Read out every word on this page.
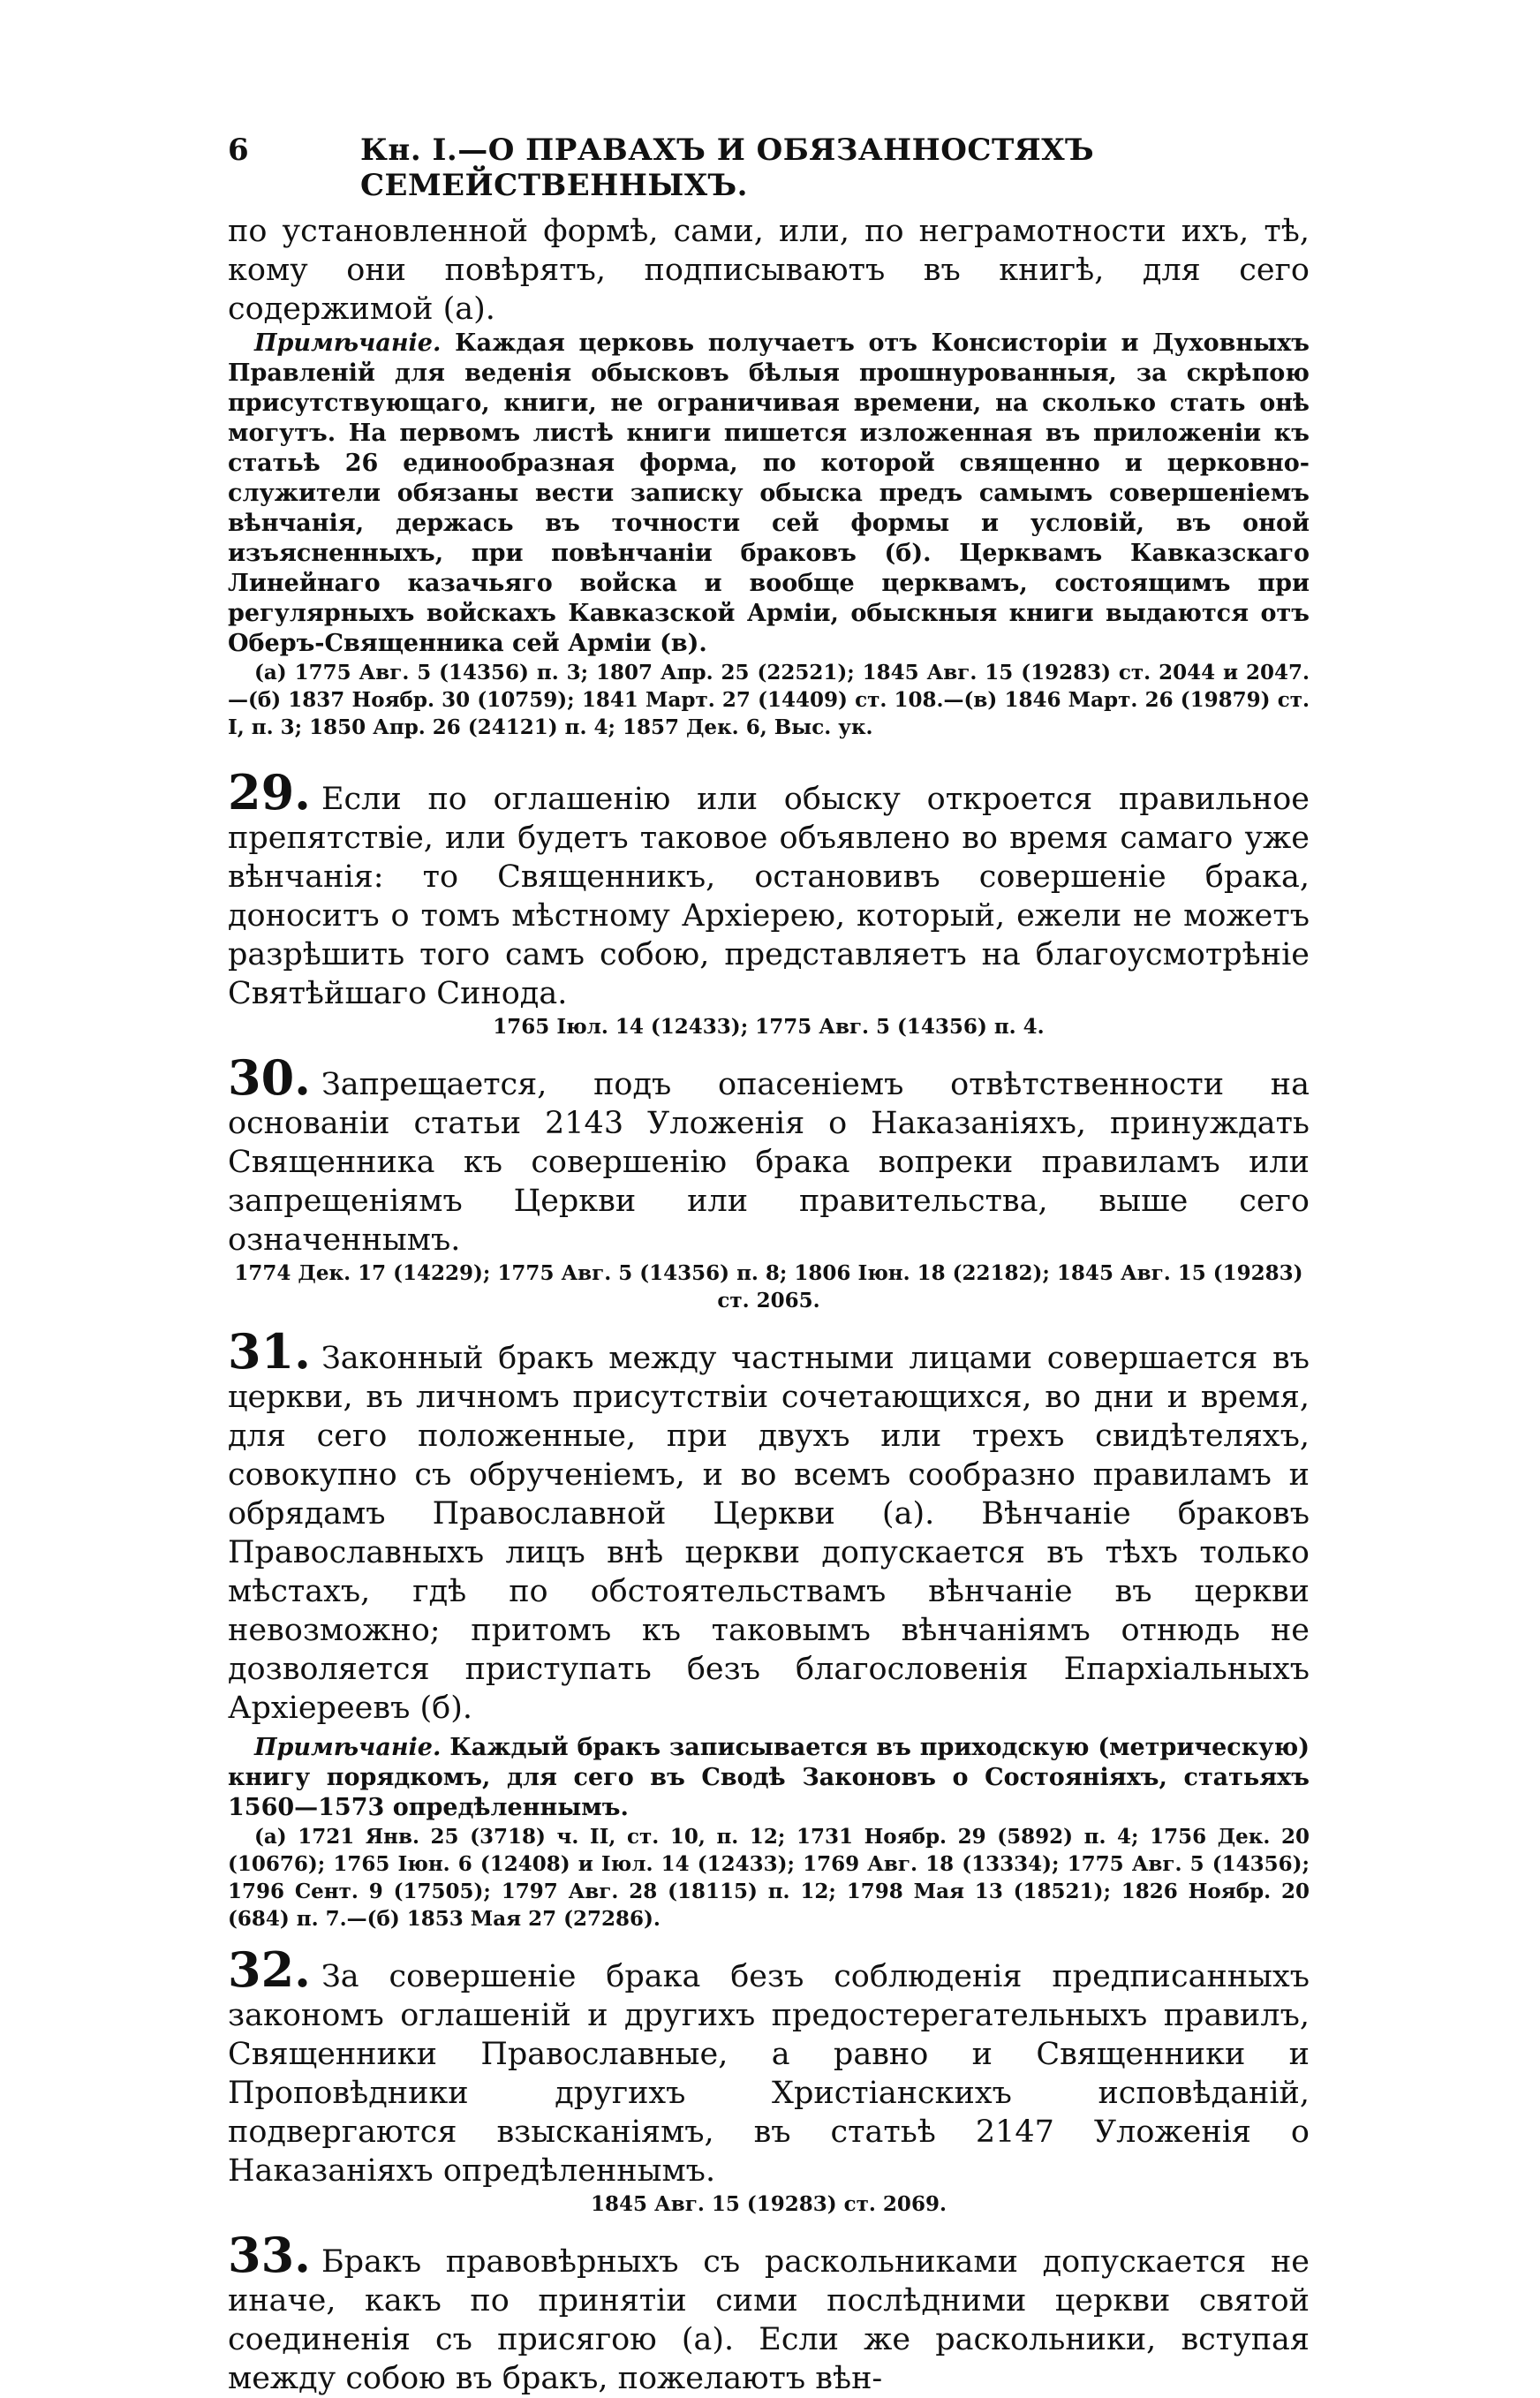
6	Кн. I.—О ПРАВАХЪ И ОБЯЗАННОСТЯХЪ СЕМЕЙСТВЕННЫХЪ.

по установленной формѣ, сами, или, по неграмотности ихъ, тѣ, кому они повѣрятъ, подписываютъ въ книгѣ, для сего содержимой (а).

Примѣчаніе. Каждая церковь получаетъ отъ Консисторіи и Духовныхъ Правленій для веденія обысковъ бѣлыя прошнурованныя, за скрѣпою присутствующаго, книги, не ограничивая времени, на сколько стать онѣ могутъ. На первомъ листѣ книги пишется изложенная въ приложеніи къ статьѣ 26 единообразная форма, по которой священно и церковно-служители обязаны вести записку обыска предъ самымъ совершеніемъ вѣнчанія, держась въ точности сей формы и условій, въ оной изъясненныхъ, при повѣнчаніи браковъ (б). Церквамъ Кавказскаго Линейнаго казачьяго войска и вообще церквамъ, состоящимъ при регулярныхъ войскахъ Кавказской Арміи, обыскныя книги выдаются отъ Оберъ-Священника сей Арміи (в).

(а) 1775 Авг. 5 (14356) п. 3; 1807 Апр. 25 (22521); 1845 Авг. 15 (19283) ст. 2044 и 2047.—(б) 1837 Ноябр. 30 (10759); 1841 Март. 27 (14409) ст. 108.—(в) 1846 Март. 26 (19879) ст. I, п. 3; 1850 Апр. 26 (24121) п. 4; 1857 Дек. 6, Выс. ук.

29. Если по оглашенію или обыску откроется правильное препятствіе, или будетъ таковое объявлено во время самаго уже вѣнчанія: то Священникъ, остановивъ совершеніе брака, доноситъ о томъ мѣстному Архіерею, который, ежели не можетъ разрѣшить того самъ собою, представляетъ на благоусмотрѣніе Святѣйшаго Синода.

1765 Іюл. 14 (12433); 1775 Авг. 5 (14356) п. 4.

30. Запрещается, подъ опасеніемъ отвѣтственности на основаніи статьи 2143 Уложенія о Наказаніяхъ, принуждать Священника къ совершенію брака вопреки правиламъ или запрещеніямъ Церкви или правительства, выше сего означеннымъ.

1774 Дек. 17 (14229); 1775 Авг. 5 (14356) п. 8; 1806 Іюн. 18 (22182); 1845 Авг. 15 (19283) ст. 2065.

31. Законный бракъ между частными лицами совершается въ церкви, въ личномъ присутствіи сочетающихся, во дни и время, для сего положенные, при двухъ или трехъ свидѣтеляхъ, совокупно съ обрученіемъ, и во всемъ сообразно правиламъ и обрядамъ Православной Церкви (а). Вѣнчаніе браковъ Православныхъ лицъ внѣ церкви допускается въ тѣхъ только мѣстахъ, гдѣ по обстоятельствамъ вѣнчаніе въ церкви невозможно; притомъ къ таковымъ вѣнчаніямъ отнюдь не дозволяется приступать безъ благословенія Епархіальныхъ Архіереевъ (б).

Примѣчаніе. Каждый бракъ записывается въ приходскую (метрическую) книгу порядкомъ, для сего въ Сводѣ Законовъ о Состояніяхъ, статьяхъ 1560—1573 опредѣленнымъ.

(а) 1721 Янв. 25 (3718) ч. II, ст. 10, п. 12; 1731 Ноябр. 29 (5892) п. 4; 1756 Дек. 20 (10676); 1765 Іюн. 6 (12408) и Іюл. 14 (12433); 1769 Авг. 18 (13334); 1775 Авг. 5 (14356); 1796 Сент. 9 (17505); 1797 Авг. 28 (18115) п. 12; 1798 Мая 13 (18521); 1826 Ноябр. 20 (684) п. 7.—(б) 1853 Мая 27 (27286).

32. За совершеніе брака безъ соблюденія предписанныхъ закономъ оглашеній и другихъ предостерегательныхъ правилъ, Священники Православные, а равно и Священники и Проповѣдники другихъ Христіанскихъ исповѣданій, подвергаются взысканіямъ, въ статьѣ 2147 Уложенія о Наказаніяхъ опредѣленнымъ.

1845 Авг. 15 (19283) ст. 2069.

33. Бракъ правовѣрныхъ съ раскольниками допускается не иначе, какъ по принятіи сими послѣдними церкви святой соединенія съ присягою (а). Если же раскольники, вступая между собою въ бракъ, пожелаютъ вѣн-
